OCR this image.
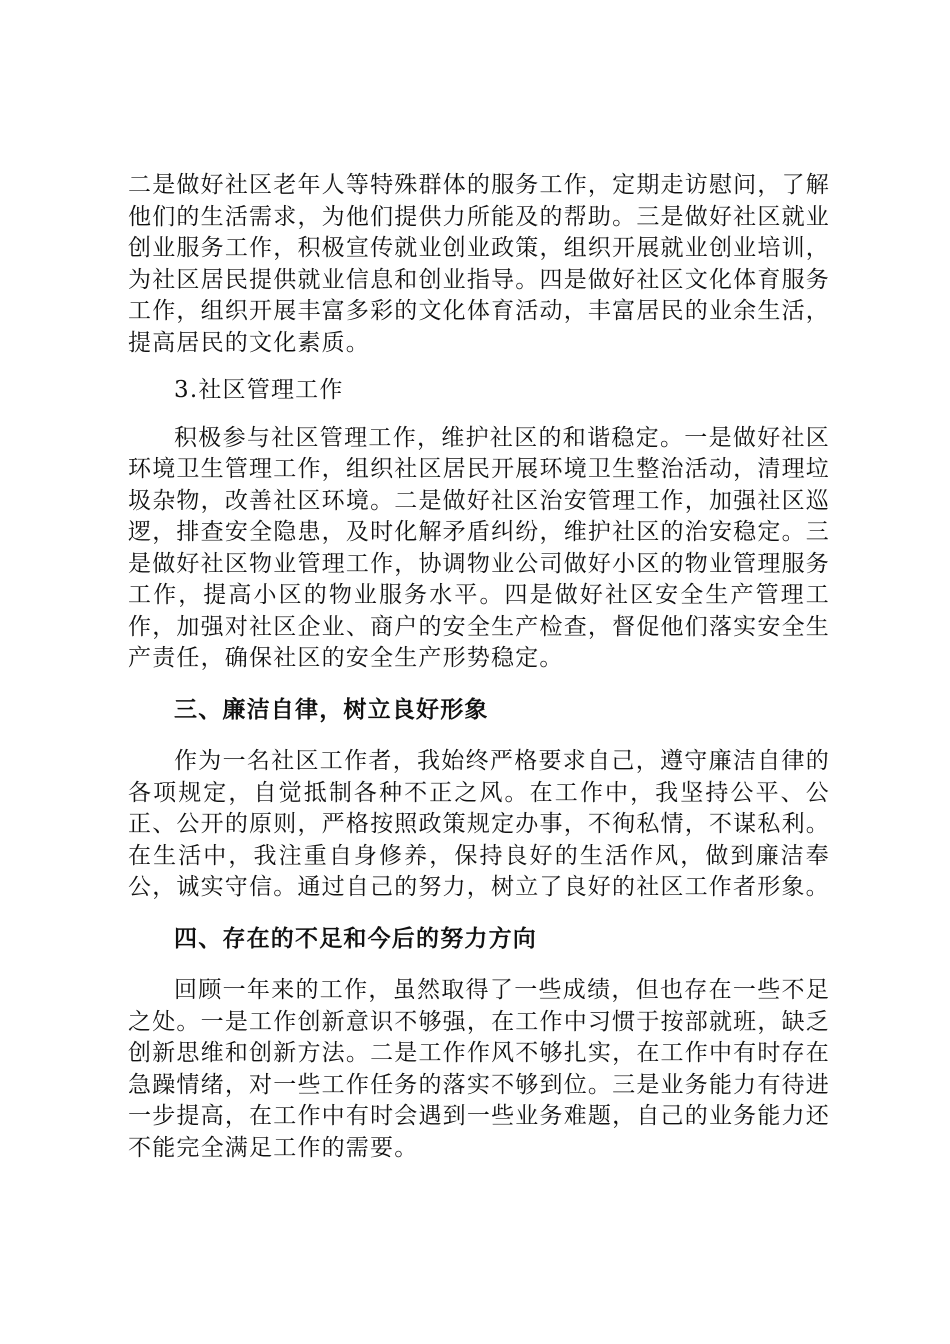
二是做好社区老年人等特殊群体的服务工作，定期走访慰问，了解他们的生活需求，为他们提供力所能及的帮助。三是做好社区就业创业服务工作，积极宣传就业创业政策，组织开展就业创业培训，为社区居民提供就业信息和创业指导。四是做好社区文化体育服务工作，组织开展丰富多彩的文化体育活动，丰富居民的业余生活，提高居民的文化素质。

3.社区管理工作

积极参与社区管理工作，维护社区的和谐稳定。一是做好社区环境卫生管理工作，组织社区居民开展环境卫生整治活动，清理垃圾杂物，改善社区环境。二是做好社区治安管理工作，加强社区巡逻，排查安全隐患，及时化解矛盾纠纷，维护社区的治安稳定。三是做好社区物业管理工作，协调物业公司做好小区的物业管理服务工作，提高小区的物业服务水平。四是做好社区安全生产管理工作，加强对社区企业、商户的安全生产检查，督促他们落实安全生产责任，确保社区的安全生产形势稳定。

三、廉洁自律，树立良好形象

作为一名社区工作者，我始终严格要求自己，遵守廉洁自律的各项规定，自觉抵制各种不正之风。在工作中，我坚持公平、公正、公开的原则，严格按照政策规定办事，不徇私情，不谋私利。在生活中，我注重自身修养，保持良好的生活作风，做到廉洁奉公，诚实守信。通过自己的努力，树立了良好的社区工作者形象。

四、存在的不足和今后的努力方向

回顾一年来的工作，虽然取得了一些成绩，但也存在一些不足之处。一是工作创新意识不够强，在工作中习惯于按部就班，缺乏创新思维和创新方法。二是工作作风不够扎实，在工作中有时存在急躁情绪，对一些工作任务的落实不够到位。三是业务能力有待进一步提高，在工作中有时会遇到一些业务难题，自己的业务能力还不能完全满足工作的需要。
